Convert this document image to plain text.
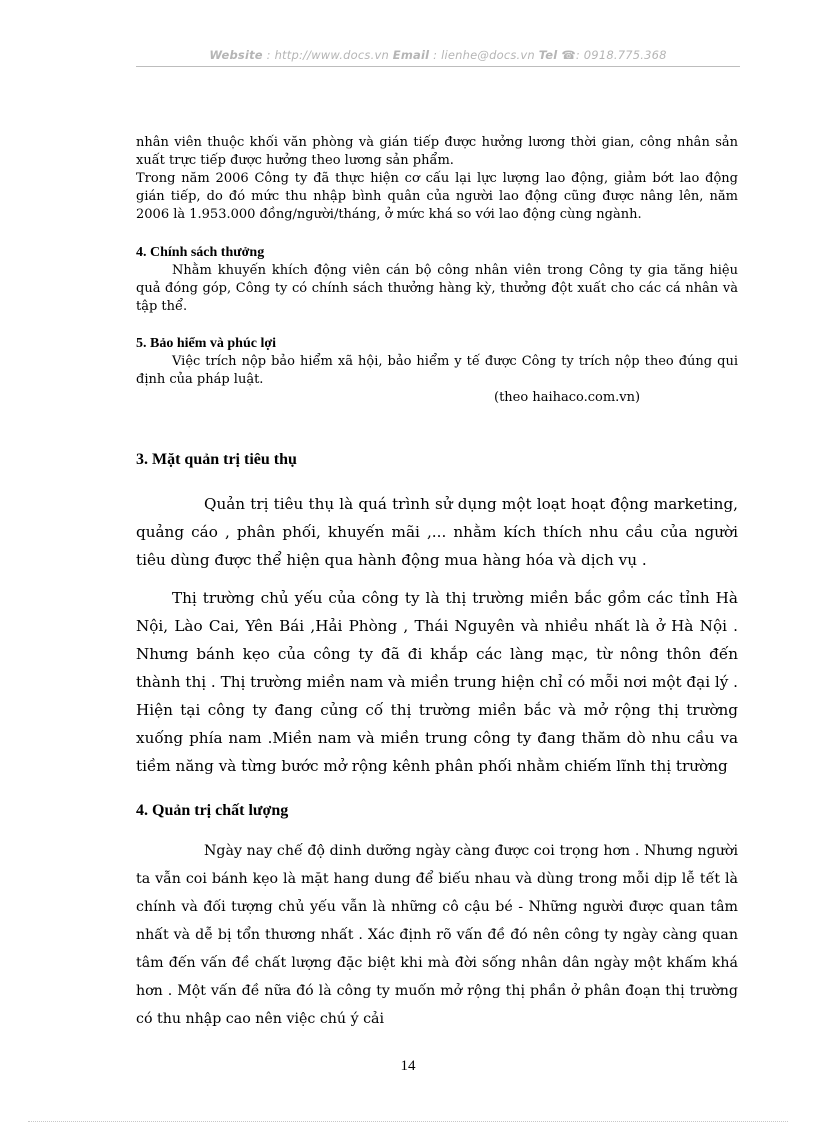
Website : http://www.docs.vn Email : lienhe@docs.vn Tel ☎: 0918.775.368

nhân viên thuộc khối văn phòng và gián tiếp được hưởng lương thời gian, công nhân sản xuất trực tiếp được hưởng theo lương sản phẩm.

Trong năm 2006 Công ty đã thực hiện cơ cấu lại lực lượng lao động, giảm bớt lao động gián tiếp, do đó mức thu nhập bình quân của người lao động cũng được nâng lên, năm 2006 là 1.953.000 đồng/người/tháng, ở mức khá so với lao động cùng ngành.

4. Chính sách thưởng

Nhằm khuyến khích động viên cán bộ công nhân viên trong Công ty gia tăng hiệu quả đóng góp, Công ty có chính sách thưởng hàng kỳ, thưởng đột xuất cho các cá nhân và tập thể.

5. Bảo hiểm và phúc lợi

Việc trích nộp bảo hiểm xã hội, bảo hiểm y tế được Công ty trích nộp theo đúng qui định của pháp luật.

(theo haihaco.com.vn)

3. Mặt quản trị tiêu thụ

Quản trị tiêu thụ là quá trình sử dụng một loạt hoạt động marketing, quảng cáo , phân phối, khuyến mãi ,... nhằm kích thích nhu cầu của người tiêu dùng được thể hiện qua hành động mua hàng hóa và dịch vụ .

Thị trường chủ yếu của công ty là thị trường miền bắc gồm các tỉnh Hà Nội, Lào Cai, Yên Bái ,Hải Phòng , Thái Nguyên và nhiều nhất là ở Hà Nội . Nhưng bánh kẹo của công ty đã đi khắp các làng mạc, từ nông thôn đến thành thị . Thị trường miền nam và miền trung hiện chỉ có mỗi nơi một đại lý . Hiện tại công ty đang củng cố thị trường miền bắc và mở rộng thị trường xuống phía nam .Miền nam và miền trung công ty đang thăm dò nhu cầu va tiềm năng và từng bước mở rộng kênh phân phối nhằm chiếm lĩnh thị trường

4. Quản trị chất lượng

Ngày nay chế độ dinh dưỡng ngày càng được coi trọng hơn . Nhưng người ta vẫn coi bánh kẹo là mặt hang dung để biếu nhau và dùng trong mỗi dịp lễ tết là chính và đối tượng chủ yếu vẫn là những cô cậu bé - Những người được quan tâm nhất và dễ bị tổn thương nhất . Xác định rõ vấn đề đó nên công ty ngày càng quan tâm đến vấn đề chất lượng đặc biệt khi mà đời sống nhân dân ngày một khấm khá hơn . Một vấn đề nữa đó là công ty muốn mở rộng thị phần ở phân đoạn thị trường có thu nhập cao nên việc chú ý cải

14
